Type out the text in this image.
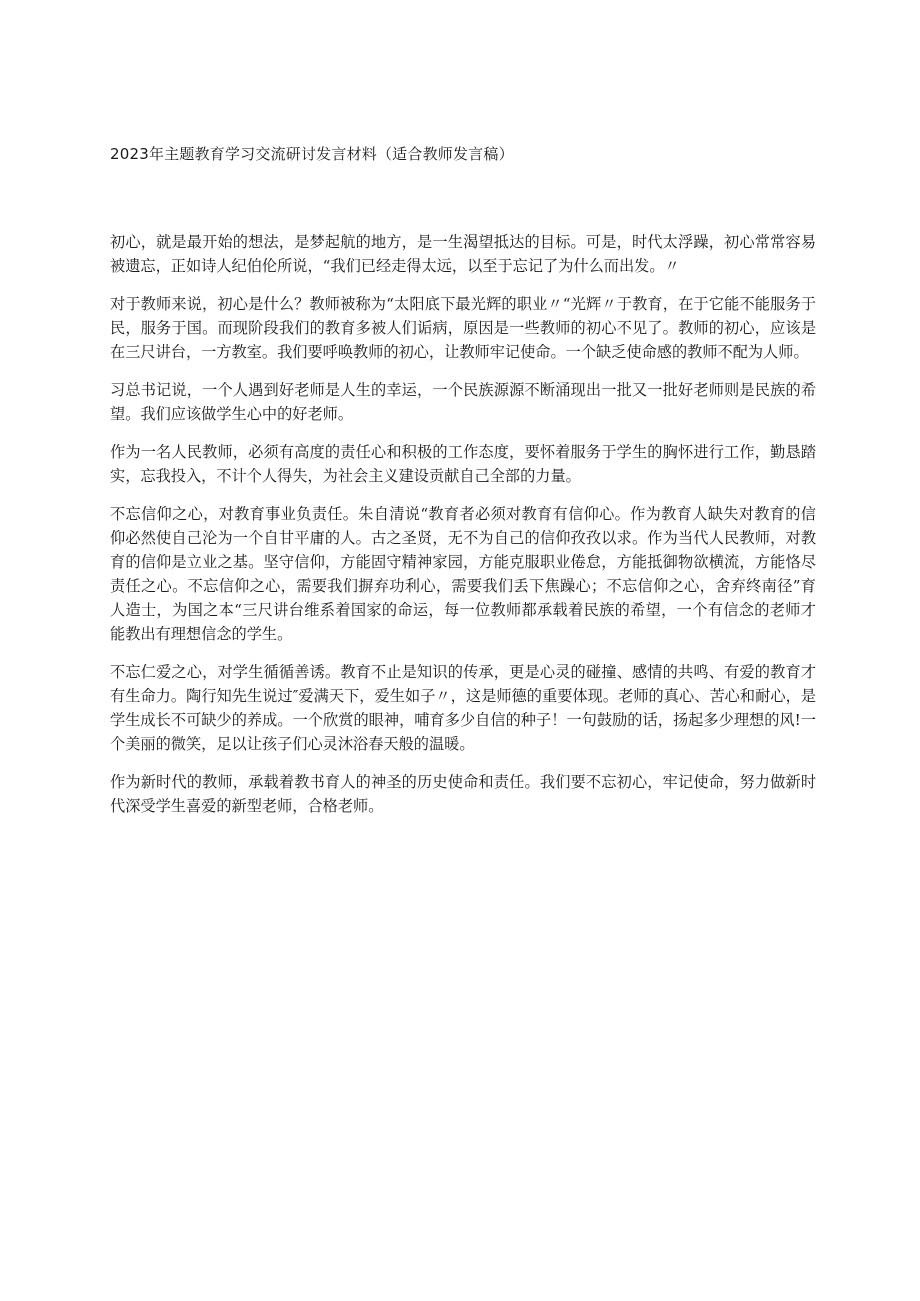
2023年主题教育学习交流研讨发言材料（适合教师发言稿）

初心，就是最开始的想法，是梦起航的地方，是一生渴望抵达的目标。可是，时代太浮躁，初心常常容易被遗忘，正如诗人纪伯伦所说，“我们已经走得太远，以至于忘记了为什么而出发。〃

对于教师来说，初心是什么？教师被称为“太阳底下最光辉的职业〃“光辉〃于教育，在于它能不能服务于民，服务于国。而现阶段我们的教育多被人们诟病，原因是一些教师的初心不见了。教师的初心，应该是在三尺讲台，一方教室。我们要呼唤教师的初心，让教师牢记使命。一个缺乏使命感的教师不配为人师。

习总书记说，一个人遇到好老师是人生的幸运，一个民族源源不断涌现出一批又一批好老师则是民族的希望。我们应该做学生心中的好老师。

作为一名人民教师，必须有高度的责任心和积极的工作态度，要怀着服务于学生的胸怀进行工作，勤恳踏实，忘我投入，不计个人得失，为社会主义建设贡献自己全部的力量。

不忘信仰之心，对教育事业负责任。朱自清说“教育者必须对教育有信仰心。作为教育人缺失对教育的信仰必然使自己沦为一个自甘平庸的人。古之圣贤，无不为自己的信仰孜孜以求。作为当代人民教师，对教育的信仰是立业之基。坚守信仰，方能固守精神家园，方能克服职业倦怠，方能抵御物欲横流，方能恪尽责任之心。不忘信仰之心，需要我们摒弃功利心，需要我们丢下焦躁心；不忘信仰之心，舍弃终南径”育人造士，为国之本“三尺讲台维系着国家的命运，每一位教师都承载着民族的希望，一个有信念的老师才能教出有理想信念的学生。

不忘仁爱之心，对学生循循善诱。教育不止是知识的传承，更是心灵的碰撞、感情的共鸣、有爱的教育才有生命力。陶行知先生说过″爱满天下，爱生如子〃，这是师德的重要体现。老师的真心、苦心和耐心，是学生成长不可缺少的养成。一个欣赏的眼神，哺育多少自信的种子！一句鼓励的话，扬起多少理想的风!一个美丽的微笑，足以让孩子们心灵沐浴春天般的温暖。

作为新时代的教师，承载着教书育人的神圣的历史使命和责任。我们要不忘初心，牢记使命，努力做新时代深受学生喜爱的新型老师，合格老师。
